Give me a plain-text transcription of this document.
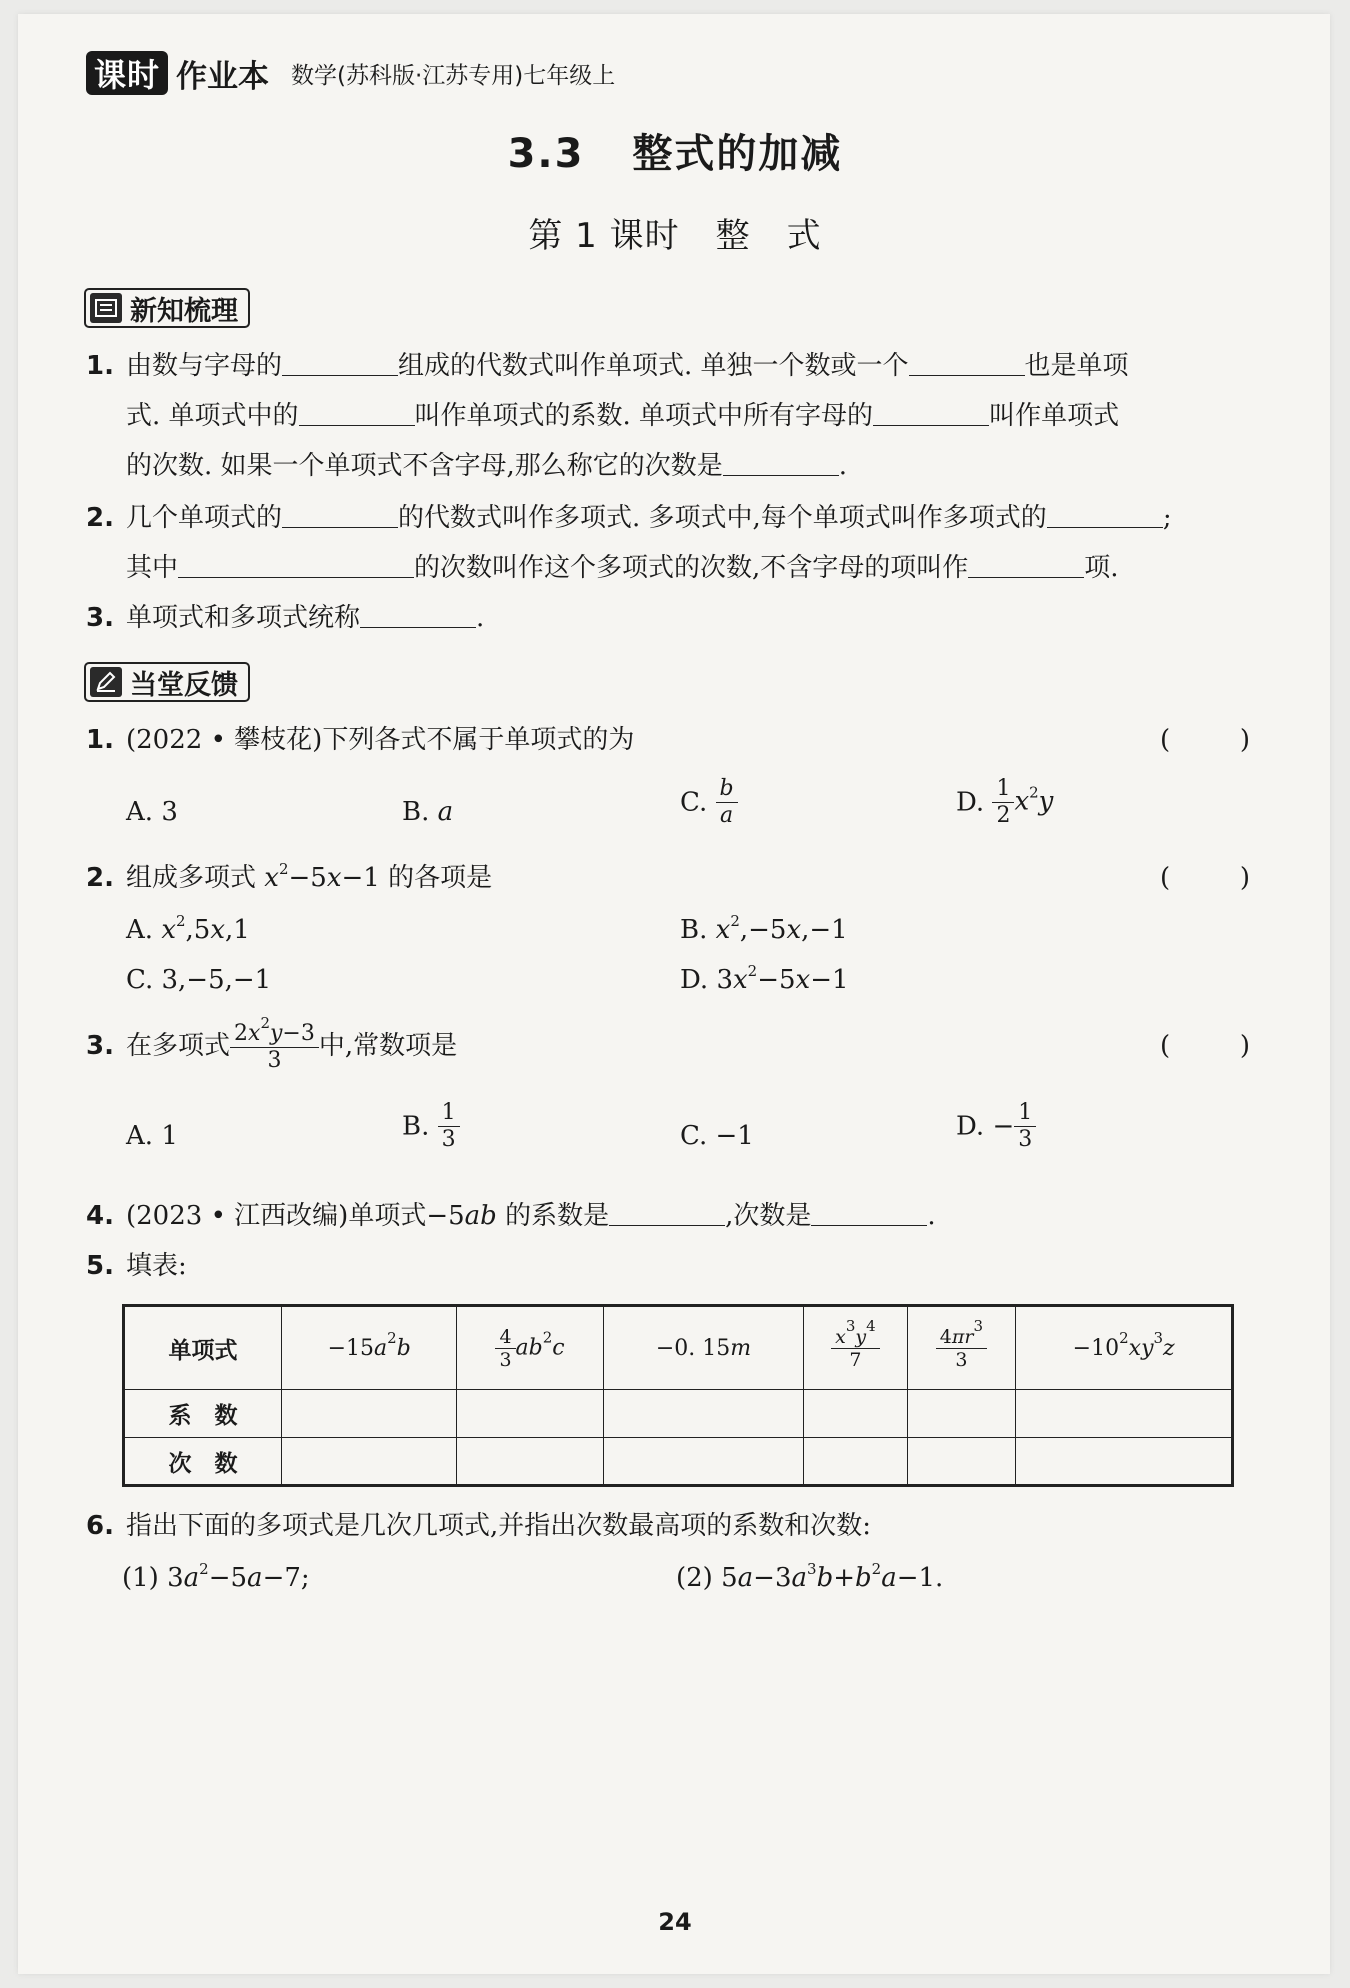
课时 作业本 数学(苏科版·江苏专用)七年级上
3.3 整式的加减
第 1 课时 整 式
新知梳理
1. 由数与字母的	组成的代数式叫作单项式. 单独一个数或一个	也是单项
式. 单项式中的	叫作单项式的系数. 单项式中所有字母的	叫作单项式
的次数. 如果一个单项式不含字母,那么称它的次数是	.
2. 几个单项式的	的代数式叫作多项式. 多项式中,每个单项式叫作多项式的	;
其中	的次数叫作这个多项式的次数,不含字母的项叫作	项.
3. 单项式和多项式统称	.
当堂反馈
1. (2022 • 攀枝花)下列各式不属于单项式的为	(	)
A. 3	B. a	C. $\frac{b}{a}$	D. $\frac{1}{2} x^2y$
2. 组成多项式 $x^2-5x-1$ 的各项是	(	)
A. $x^2,5x,1$	B. $x^2,-5x,-1$
C. 3,−5,−1	D. $3x^2-5x-1$
3. 在多项式 $\frac{2x^2y-3}{3}$ 中,常数项是	(	)
A. 1	B. $\frac{1}{3}$	C. −1	D. − $\frac{1}{3}$
4. (2023 • 江西改编)单项式−5ab 的系数是	,次数是	.
5. 填表:
单项式	$-15a^2b$	$\frac{4}{3} ab^2c$	−0. 15m	$\frac{x^3y^4}{7}$	$\frac{4\pi r^3}{3}$	$-10^2xy^3z$
系　数						
次　数						
6. 指出下面的多项式是几次几项式,并指出次数最高项的系数和次数:
(1) $3a^2-5a-7$;	(2) $5a-3a^3b+b^2a-1$.
24
